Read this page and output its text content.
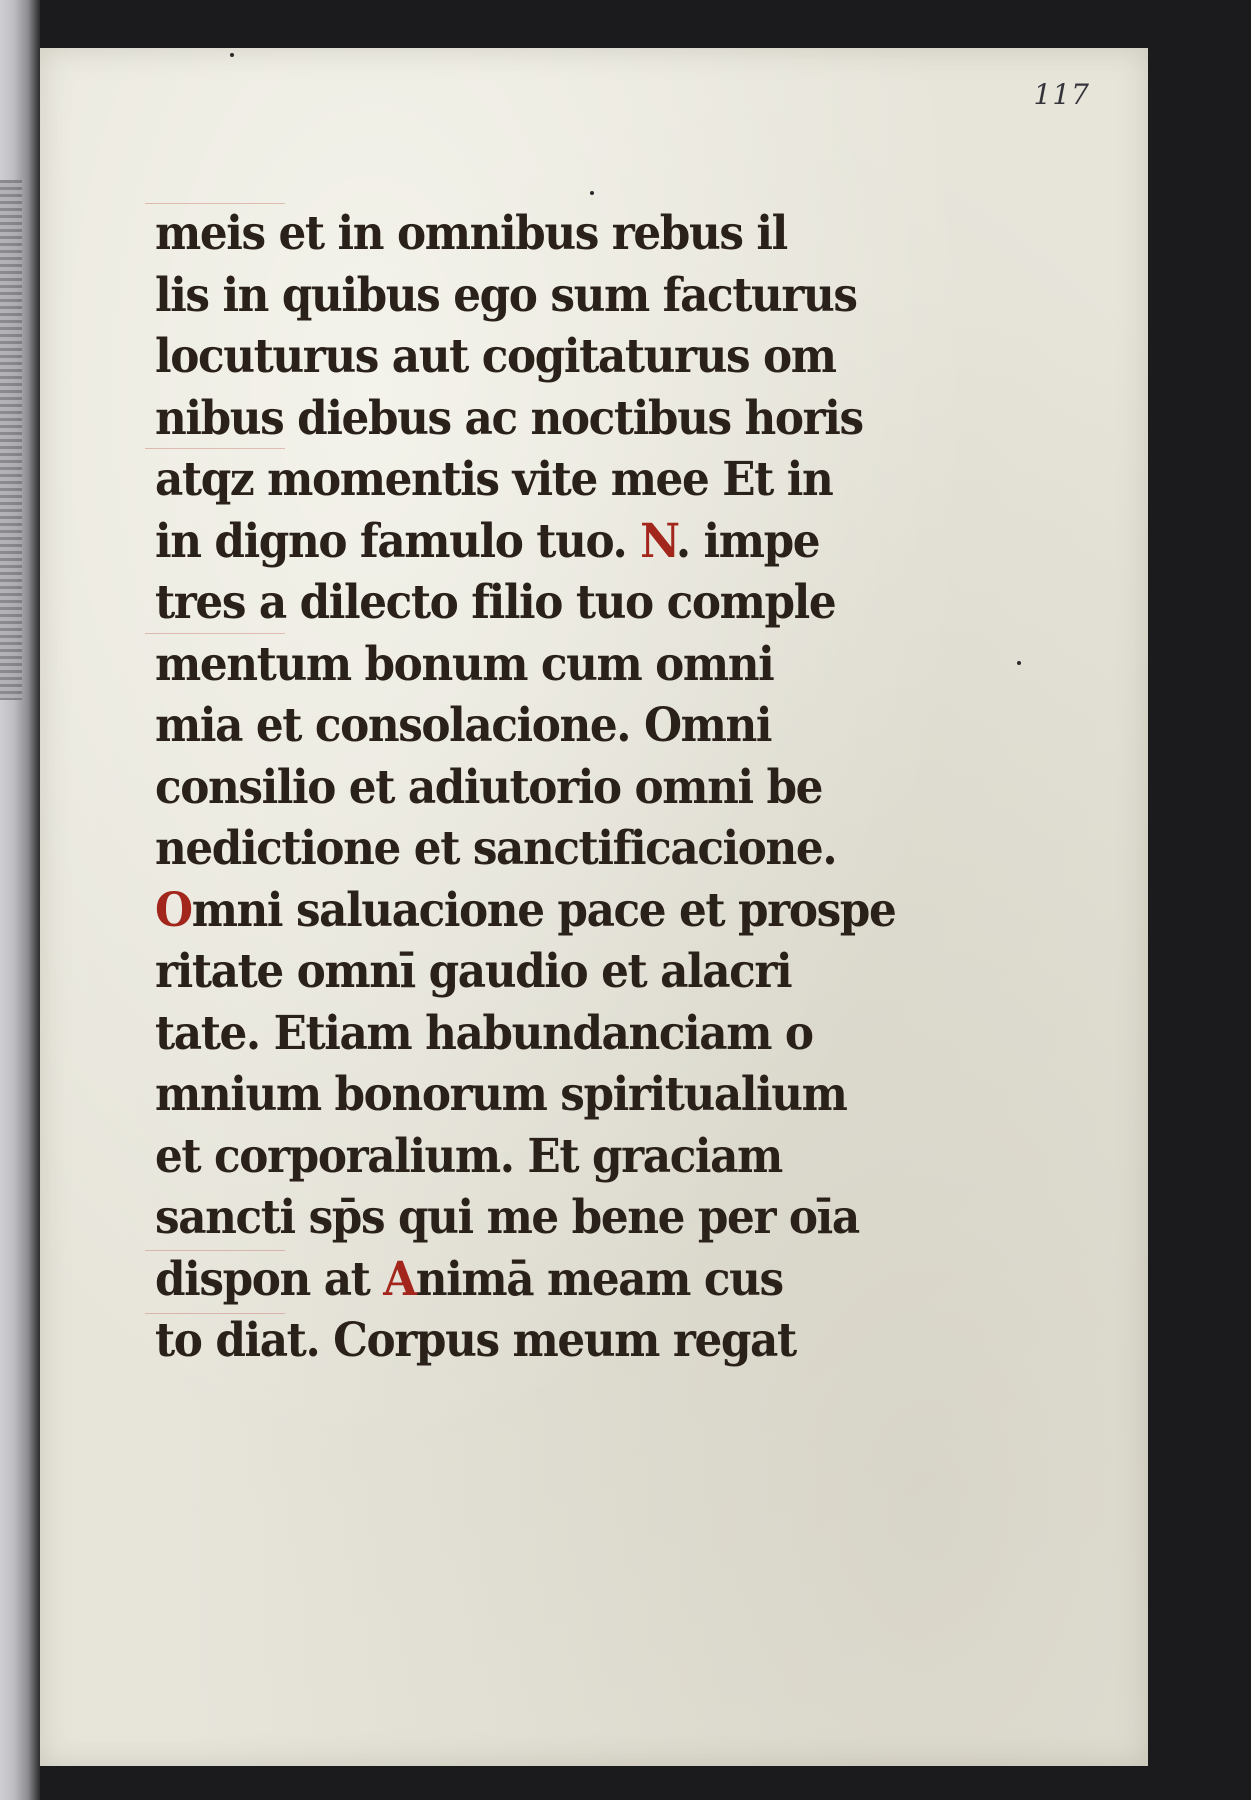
117
meis et in omnibus rebus il
lis in quibus ego sum facturus
locuturus aut cogitaturus om
nibus diebus ac noctibus horis
atqz momentis vite mee Et in
in digno famulo tuo. N. impe
tres a dilecto filio tuo comple
mentum bonum cum omni
mia et consolacione. Omni
consilio et adiutorio omni be
nedictione et sanctificacione.
Omni saluacione pace et prospe
ritate omnī gaudio et alacri
tate. Etiam habundanciam o
mnium bonorum spiritualium
et corporalium. Et graciam
sancti sp̄s qui me bene per oīa
dispon at Animā meam cus
to diat. Corpus meum regat
